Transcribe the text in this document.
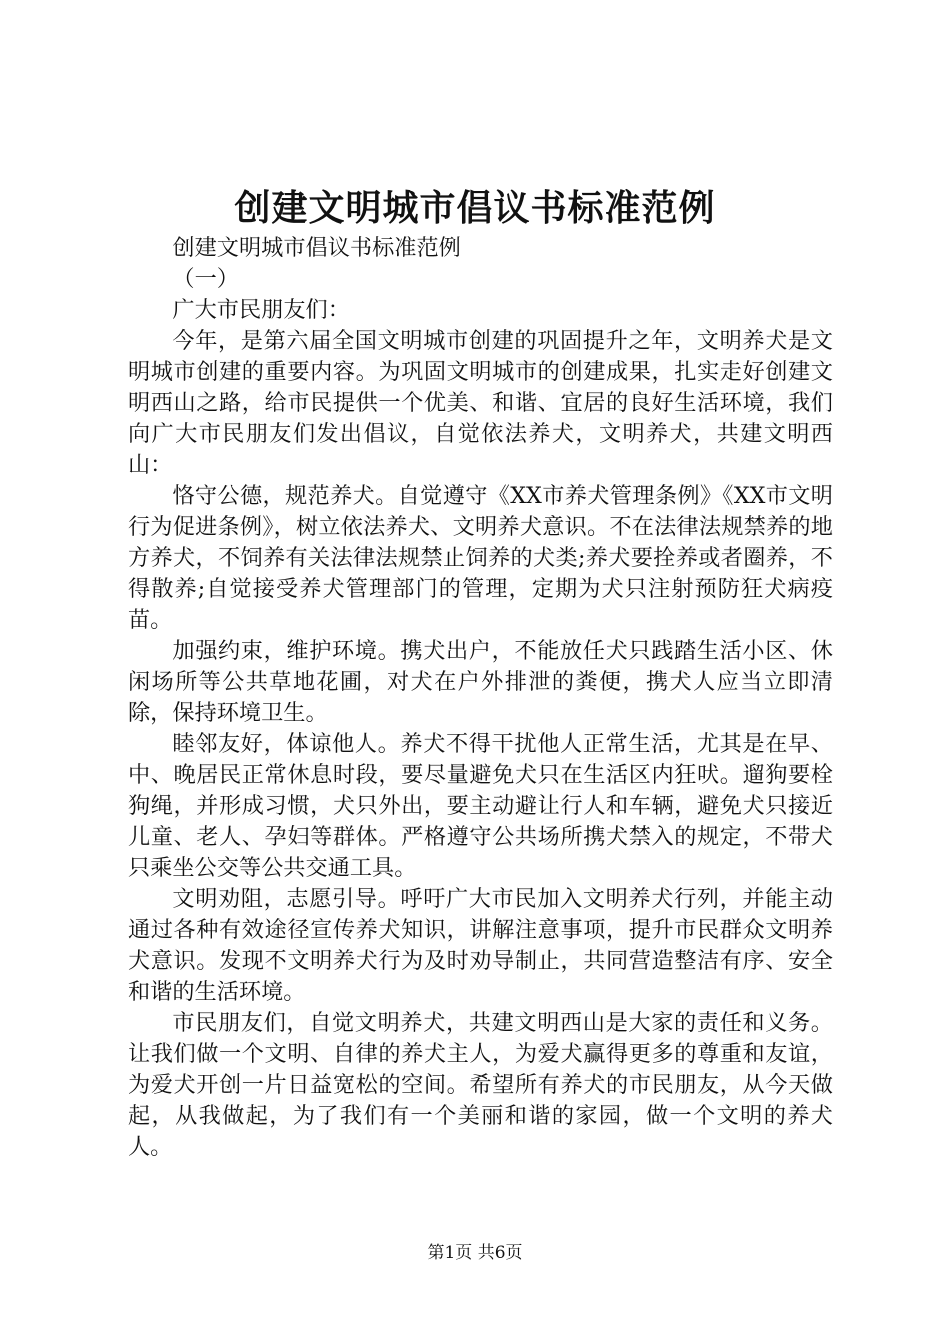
创建文明城市倡议书标准范例

创建文明城市倡议书标准范例

（一）

广大市民朋友们：

今年，是第六届全国文明城市创建的巩固提升之年，文明养犬是文明城市创建的重要内容。为巩固文明城市的创建成果，扎实走好创建文明西山之路，给市民提供一个优美、和谐、宜居的良好生活环境，我们向广大市民朋友们发出倡议，自觉依法养犬，文明养犬，共建文明西山：

恪守公德，规范养犬。自觉遵守《XX市养犬管理条例》《XX市文明行为促进条例》，树立依法养犬、文明养犬意识。不在法律法规禁养的地方养犬，不饲养有关法律法规禁止饲养的犬类;养犬要拴养或者圈养，不得散养;自觉接受养犬管理部门的管理，定期为犬只注射预防狂犬病疫苗。

加强约束，维护环境。携犬出户，不能放任犬只践踏生活小区、休闲场所等公共草地花圃，对犬在户外排泄的粪便，携犬人应当立即清除，保持环境卫生。

睦邻友好，体谅他人。养犬不得干扰他人正常生活，尤其是在早、中、晚居民正常休息时段，要尽量避免犬只在生活区内狂吠。遛狗要栓狗绳，并形成习惯，犬只外出，要主动避让行人和车辆，避免犬只接近儿童、老人、孕妇等群体。严格遵守公共场所携犬禁入的规定，不带犬只乘坐公交等公共交通工具。

文明劝阻，志愿引导。呼吁广大市民加入文明养犬行列，并能主动通过各种有效途径宣传养犬知识，讲解注意事项，提升市民群众文明养犬意识。发现不文明养犬行为及时劝导制止，共同营造整洁有序、安全和谐的生活环境。

市民朋友们，自觉文明养犬，共建文明西山是大家的责任和义务。让我们做一个文明、自律的养犬主人，为爱犬赢得更多的尊重和友谊，为爱犬开创一片日益宽松的空间。希望所有养犬的市民朋友，从今天做起，从我做起，为了我们有一个美丽和谐的家园，做一个文明的养犬人。

第1页 共6页
